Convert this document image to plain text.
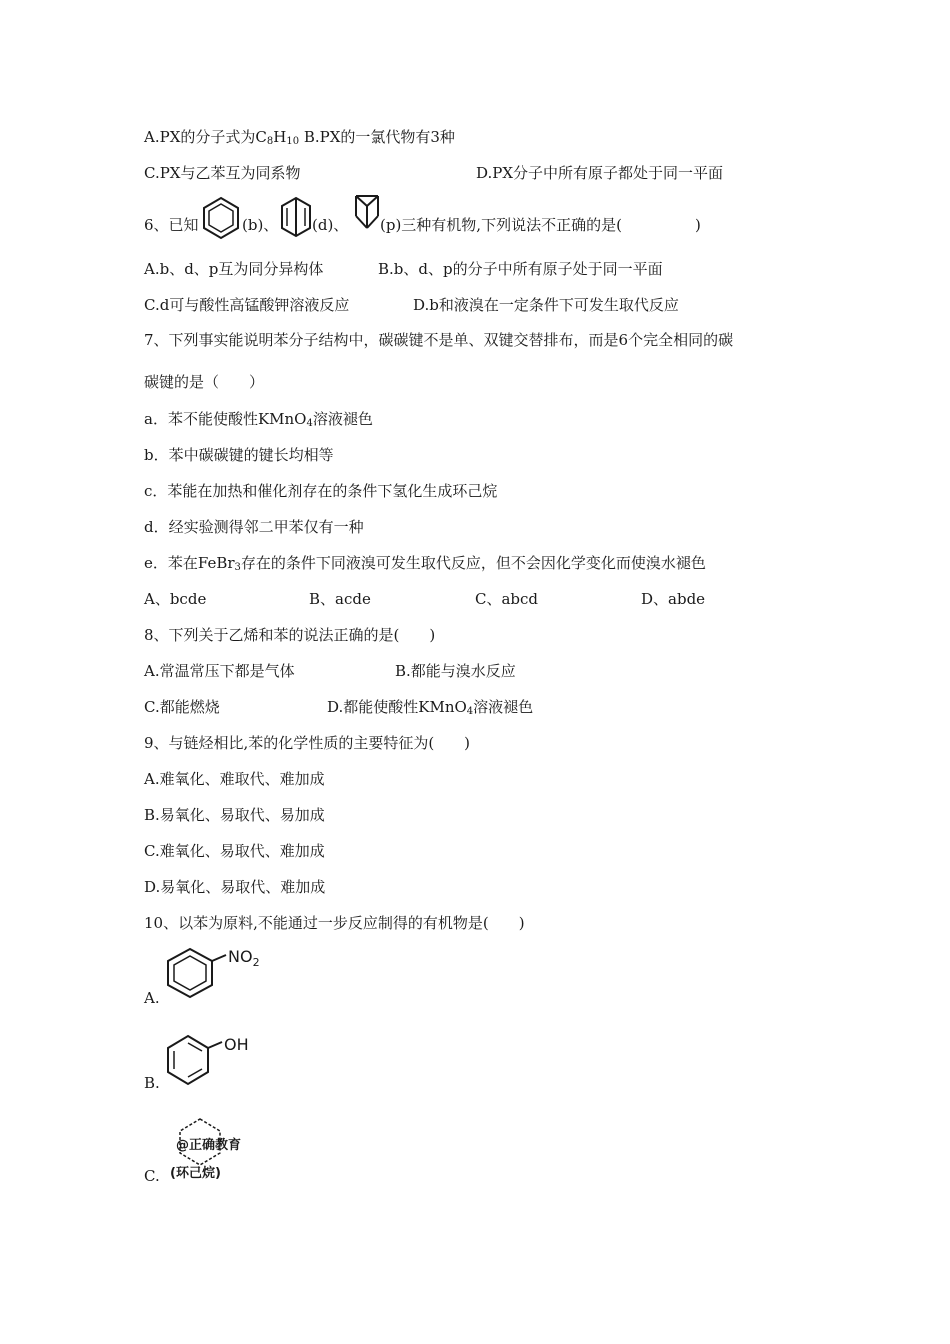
A.PX的分子式为$C_8H_{10}$ B.PX的一氯代物有3种
C.PX与乙苯互为同系物	D.PX分子中所有原子都处于同一平面
6、已知	(b)、 (d)、 (p)三种有机物,下列说法不正确的是(	)
A.b、d、p互为同分异构体	B.b、d、p的分子中所有原子处于同一平面
C.d可与酸性高锰酸钾溶液反应	D.b和液溴在一定条件下可发生取代反应
7、下列事实能说明苯分子结构中，碳碳键不是单、双键交替排布，而是6个完全相同的碳
碳键的是（　　）
a．苯不能使酸性KMnO$_4$溶液褪色
b．苯中碳碳键的键长均相等
c．苯能在加热和催化剂存在的条件下氢化生成环己烷
d．经实验测得邻二甲苯仅有一种
e．苯在FeBr$_3$存在的条件下同液溴可发生取代反应，但不会因化学变化而使溴水褪色
A、bcde	B、acde	C、abcd	D、abde
8、下列关于乙烯和苯的说法正确的是(　　)
A.常温常压下都是气体	B.都能与溴水反应
C.都能燃烧	D.都能使酸性KMnO$_4$溶液褪色
9、与链烃相比,苯的化学性质的主要特征为(　　)
A.难氧化、难取代、难加成
B.易氧化、易取代、易加成
C.难氧化、易取代、难加成
D.易氧化、易取代、难加成
10、以苯为原料,不能通过一步反应制得的有机物是(　　)
A.
$NO_2$
B.
OH
C.
@正确教育
(环己烷)
